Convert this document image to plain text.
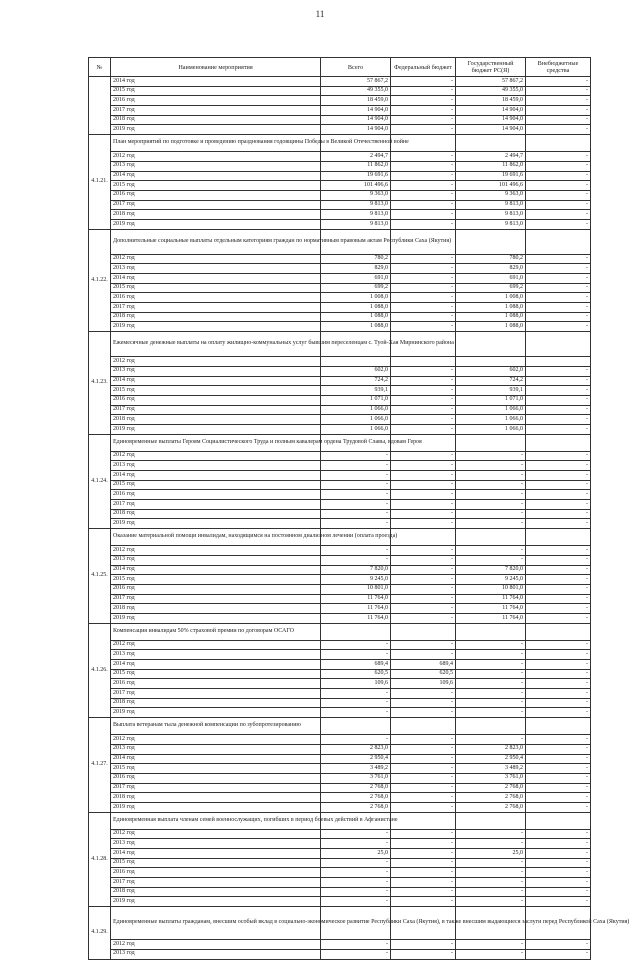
11
№	Наименование мероприятия	Всего	Федеральный бюджет	Государственный бюджет РС(Я)	Внебюджетные средства
	2014 год	57 867,2	-	57 867,2	-
	2015 год	49 355,0	-	49 355,0	-
	2016 год	18 459,0	-	18 459,0	-
	2017 год	14 904,0	-	14 904,0	-
	2018 год	14 904,0	-	14 904,0	-
	2019 год	14 904,0	-	14 904,0	-
4.1.21.	План мероприятий по подготовке и проведению празднования годовщины Победы в Великой Отечественной войне				
	2012 год	2 494,7	-	2 494,7	-
	2013 год	11 862,0	-	11 862,0	-
	2014 год	19 691,6	-	19 691,6	-
	2015 год	101 496,6	-	101 496,6	-
	2016 год	9 363,0	-	9 363,0	-
	2017 год	9 813,0	-	9 813,0	-
	2018 год	9 813,0	-	9 813,0	-
	2019 год	9 813,0	-	9 813,0	-
4.1.22.	Дополнительные социальные выплаты отдельным категориям граждан по нормативным правовым актам Республики Саха (Якутия)				
	2012 год	780,2	-	780,2	-
	2013 год	829,0	-	829,0	-
	2014 год	691,0	-	691,0	-
	2015 год	699,2	-	699,2	-
	2016 год	1 008,0	-	1 008,0	-
	2017 год	1 088,0	-	1 088,0	-
	2018 год	1 088,0	-	1 088,0	-
	2019 год	1 088,0	-	1 088,0	-
4.1.23.	Ежемесячные денежные выплаты на оплату жилищно-коммунальных услуг бывшим переселенцам с. Туой-Хая Мирнинского района				
	2012 год				
	2013 год	602,0	-	602,0	-
	2014 год	724,2	-	724,2	-
	2015 год	939,1	-	939,1	-
	2016 год	1 071,0	-	1 071,0	-
	2017 год	1 066,0	-	1 066,0	-
	2018 год	1 066,0	-	1 066,0	-
	2019 год	1 066,0	-	1 066,0	-
4.1.24.	Единовременные выплаты Героям Социалистического Труда и полным кавалерам ордена Трудовой Славы, вдовам Героя				
	2012 год	-	-	-	-
	2013 год	-	-	-	-
	2014 год	-	-	-	-
	2015 год	-	-	-	-
	2016 год	-	-	-	-
	2017 год	-	-	-	-
	2018 год	-	-	-	-
	2019 год	-	-	-	-
4.1.25.	Оказание материальной помощи инвалидам, находящимся на постоянном диализном лечении (оплата проезда)				
	2012 год	-	-	-	-
	2013 год	-	-	-	-
	2014 год	7 820,0	-	7 820,0	-
	2015 год	9 245,0	-	9 245,0	-
	2016 год	10 801,0	-	10 801,0	-
	2017 год	11 764,0	-	11 764,0	-
	2018 год	11 764,0	-	11 764,0	-
	2019 год	11 764,0	-	11 764,0	-
4.1.26.	Компенсация инвалидам 50% страховой премии по договорам ОСАГО				
	2012 год	-	-	-	-
	2013 год	-	-	-	-
	2014 год	689,4	689,4	-	-
	2015 год	620,5	620,5	-	-
	2016 год	109,6	109,6	-	-
	2017 год	-	-	-	-
	2018 год	-	-	-	-
	2019 год	-	-	-	-
4.1.27.	Выплата ветеранам тыла денежной компенсации по зубопротезированию				
	2012 год	-	-	-	-
	2013 год	2 823,0	-	2 823,0	-
	2014 год	2 950,4	-	2 950,4	-
	2015 год	3 489,2	-	3 489,2	-
	2016 год	3 761,0	-	3 761,0	-
	2017 год	2 768,0	-	2 768,0	-
	2018 год	2 768,0	-	2 768,0	-
	2019 год	2 768,0	-	2 768,0	-
4.1.28.	Единовременная выплата членам семей военнослужащих, погибших в период боевых действий в Афганистане				
	2012 год	-	-	-	-
	2013 год	-	-	-	-
	2014 год	25,0	-	25,0	-
	2015 год	-	-	-	-
	2016 год	-	-	-	-
	2017 год	-	-	-	-
	2018 год	-	-	-	-
	2019 год	-	-	-	-
4.1.29.	Единовременные выплаты гражданам, внесшим особый вклад в социально-экономическое развитие Республики Саха (Якутия), в также внесшим выдающиеся заслуги перед Республикой Саха (Якутия)				
	2012 год	-	-	-	-
	2013 год	-	-	-	-
